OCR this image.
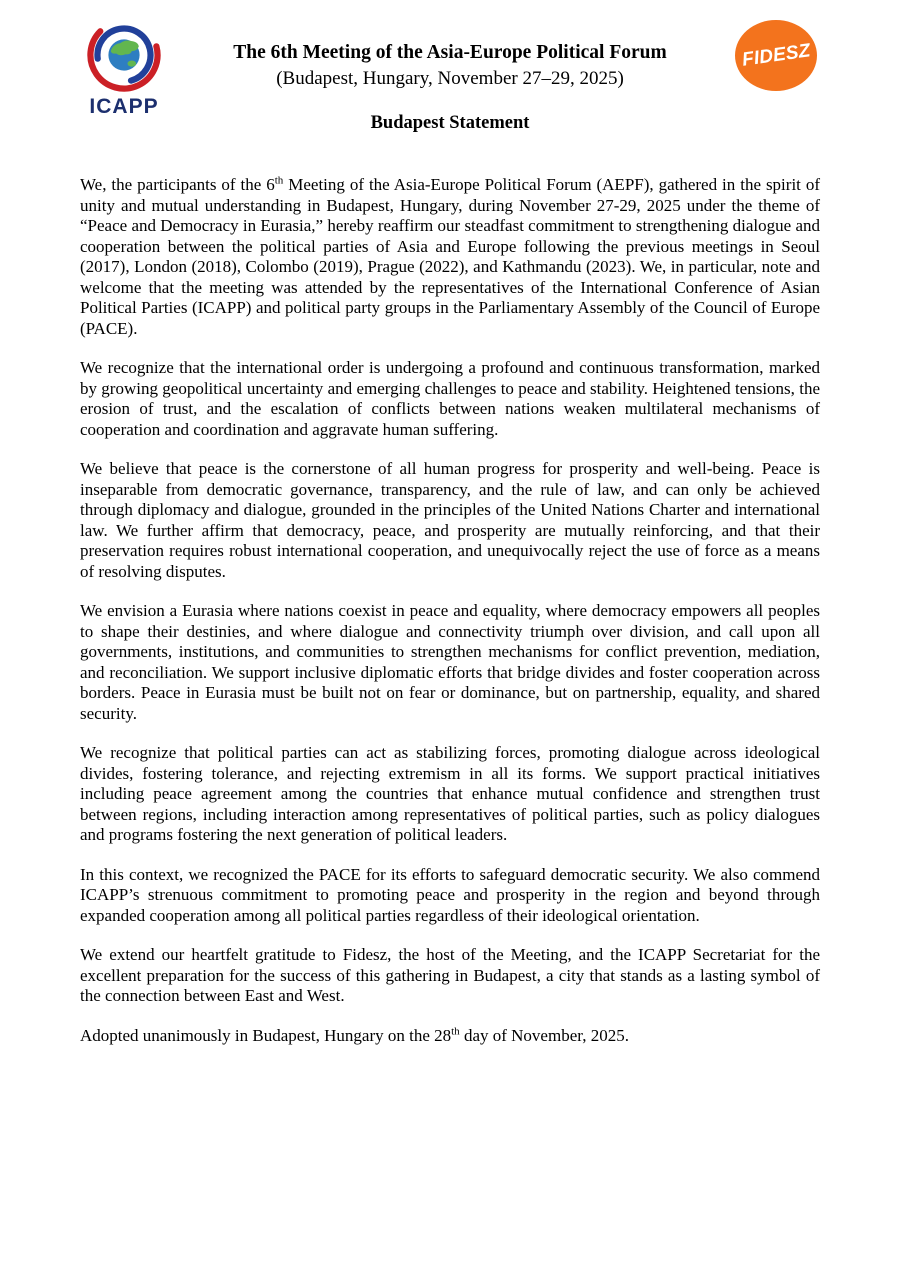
ICAPP
The 6th Meeting of the Asia-Europe Political Forum
(Budapest, Hungary, November 27–29, 2025)
Budapest Statement
FIDESZ

We, the participants of the 6th Meeting of the Asia-Europe Political Forum (AEPF), gathered in the spirit of unity and mutual understanding in Budapest, Hungary, during November 27-29, 2025 under the theme of “Peace and Democracy in Eurasia,” hereby reaffirm our steadfast commitment to strengthening dialogue and cooperation between the political parties of Asia and Europe following the previous meetings in Seoul (2017), London (2018), Colombo (2019), Prague (2022), and Kathmandu (2023). We, in particular, note and welcome that the meeting was attended by the representatives of the International Conference of Asian Political Parties (ICAPP) and political party groups in the Parliamentary Assembly of the Council of Europe (PACE).

We recognize that the international order is undergoing a profound and continuous transformation, marked by growing geopolitical uncertainty and emerging challenges to peace and stability. Heightened tensions, the erosion of trust, and the escalation of conflicts between nations weaken multilateral mechanisms of cooperation and coordination and aggravate human suffering.

We believe that peace is the cornerstone of all human progress for prosperity and well-being. Peace is inseparable from democratic governance, transparency, and the rule of law, and can only be achieved through diplomacy and dialogue, grounded in the principles of the United Nations Charter and international law. We further affirm that democracy, peace, and prosperity are mutually reinforcing, and that their preservation requires robust international cooperation, and unequivocally reject the use of force as a means of resolving disputes.

We envision a Eurasia where nations coexist in peace and equality, where democracy empowers all peoples to shape their destinies, and where dialogue and connectivity triumph over division, and call upon all governments, institutions, and communities to strengthen mechanisms for conflict prevention, mediation, and reconciliation. We support inclusive diplomatic efforts that bridge divides and foster cooperation across borders. Peace in Eurasia must be built not on fear or dominance, but on partnership, equality, and shared security.

We recognize that political parties can act as stabilizing forces, promoting dialogue across ideological divides, fostering tolerance, and rejecting extremism in all its forms. We support practical initiatives including peace agreement among the countries that enhance mutual confidence and strengthen trust between regions, including interaction among representatives of political parties, such as policy dialogues and programs fostering the next generation of political leaders.

In this context, we recognized the PACE for its efforts to safeguard democratic security. We also commend ICAPP’s strenuous commitment to promoting peace and prosperity in the region and beyond through expanded cooperation among all political parties regardless of their ideological orientation.

We extend our heartfelt gratitude to Fidesz, the host of the Meeting, and the ICAPP Secretariat for the excellent preparation for the success of this gathering in Budapest, a city that stands as a lasting symbol of the connection between East and West.

Adopted unanimously in Budapest, Hungary on the 28th day of November, 2025.
